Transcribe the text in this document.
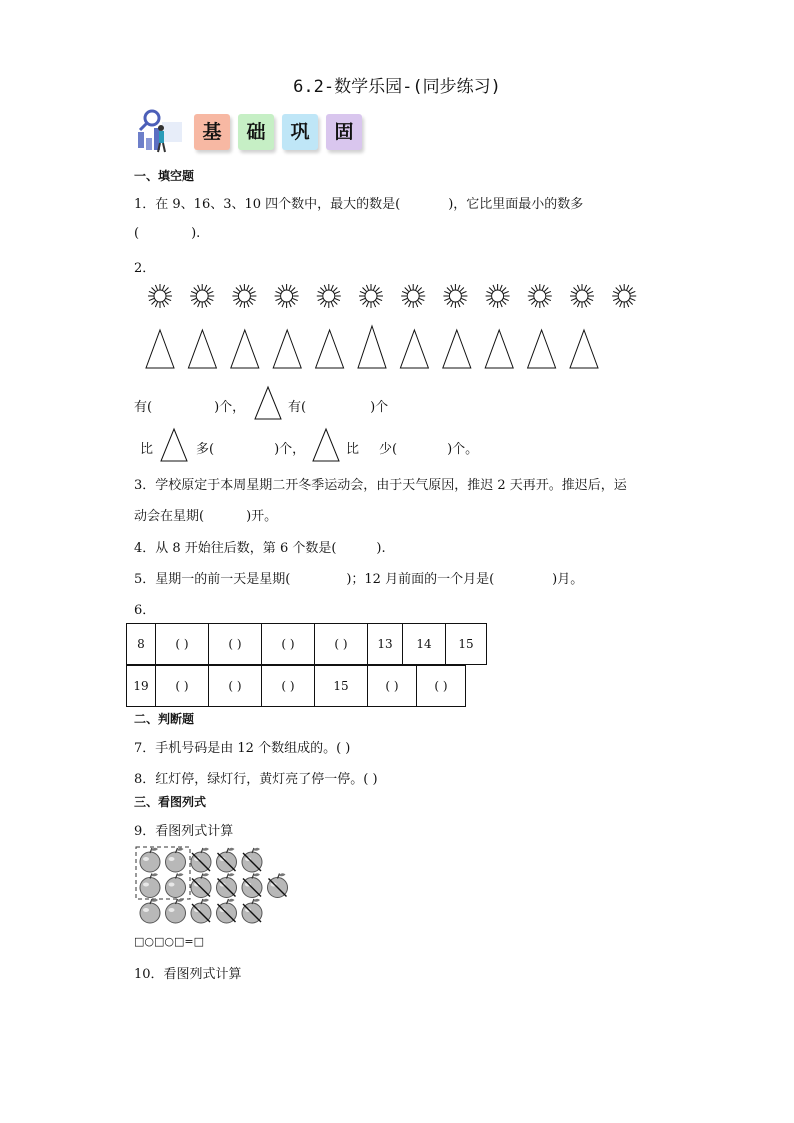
6.2-数学乐园-(同步练习)
基	础	巩	固
一、填空题
1．在 9、16、3、10 四个数中，最大的数是(	)，它比里面最小的数多
(	).
2．
有(	)个，	有(	)个
比	多(	)个，	比 少(	)个。
3．学校原定于本周星期二开冬季运动会，由于天气原因，推迟 2 天再开。推迟后，运
动会在星期(	)开。
4．从 8 开始往后数，第 6 个数是(	).
5．星期一的前一天是星期(	)；12 月前面的一个月是(	)月。
6．
8	( )	( )	( )	( )	13	14	15
19	( )	( )	( )	15	( )	( )
二、判断题
7．手机号码是由 12 个数组成的。( )
8．红灯停，绿灯行，黄灯亮了停一停。( )
三、看图列式
9．看图列式计算
□○□○□=□
10．看图列式计算
